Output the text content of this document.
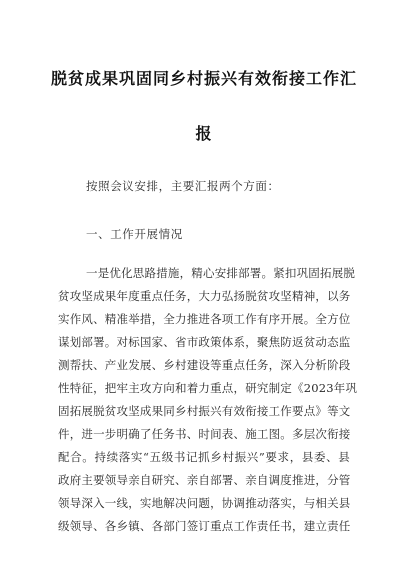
脱贫成果巩固同乡村振兴有效衔接工作汇
报
按照会议安排，主要汇报两个方面：
一、工作开展情况
一是优化思路措施，精心安排部署。紧扣巩固拓展脱
贫攻坚成果年度重点任务，大力弘扬脱贫攻坚精神，以务
实作风、精准举措，全力推进各项工作有序开展。全方位
谋划部署。对标国家、省市政策体系，聚焦防返贫动态监
测帮扶、产业发展、乡村建设等重点任务，深入分析阶段
性特征，把牢主攻方向和着力重点，研究制定《2023年巩
固拓展脱贫攻坚成果同乡村振兴有效衔接工作要点》等文
件，进一步明确了任务书、时间表、施工图。多层次衔接
配合。持续落实“五级书记抓乡村振兴”要求，县委、县
政府主要领导亲自研究、亲自部署、亲自调度推进，分管
领导深入一线，实地解决问题，协调推动落实，与相关县
级领导、各乡镇、各部门签订重点工作责任书，建立责任
